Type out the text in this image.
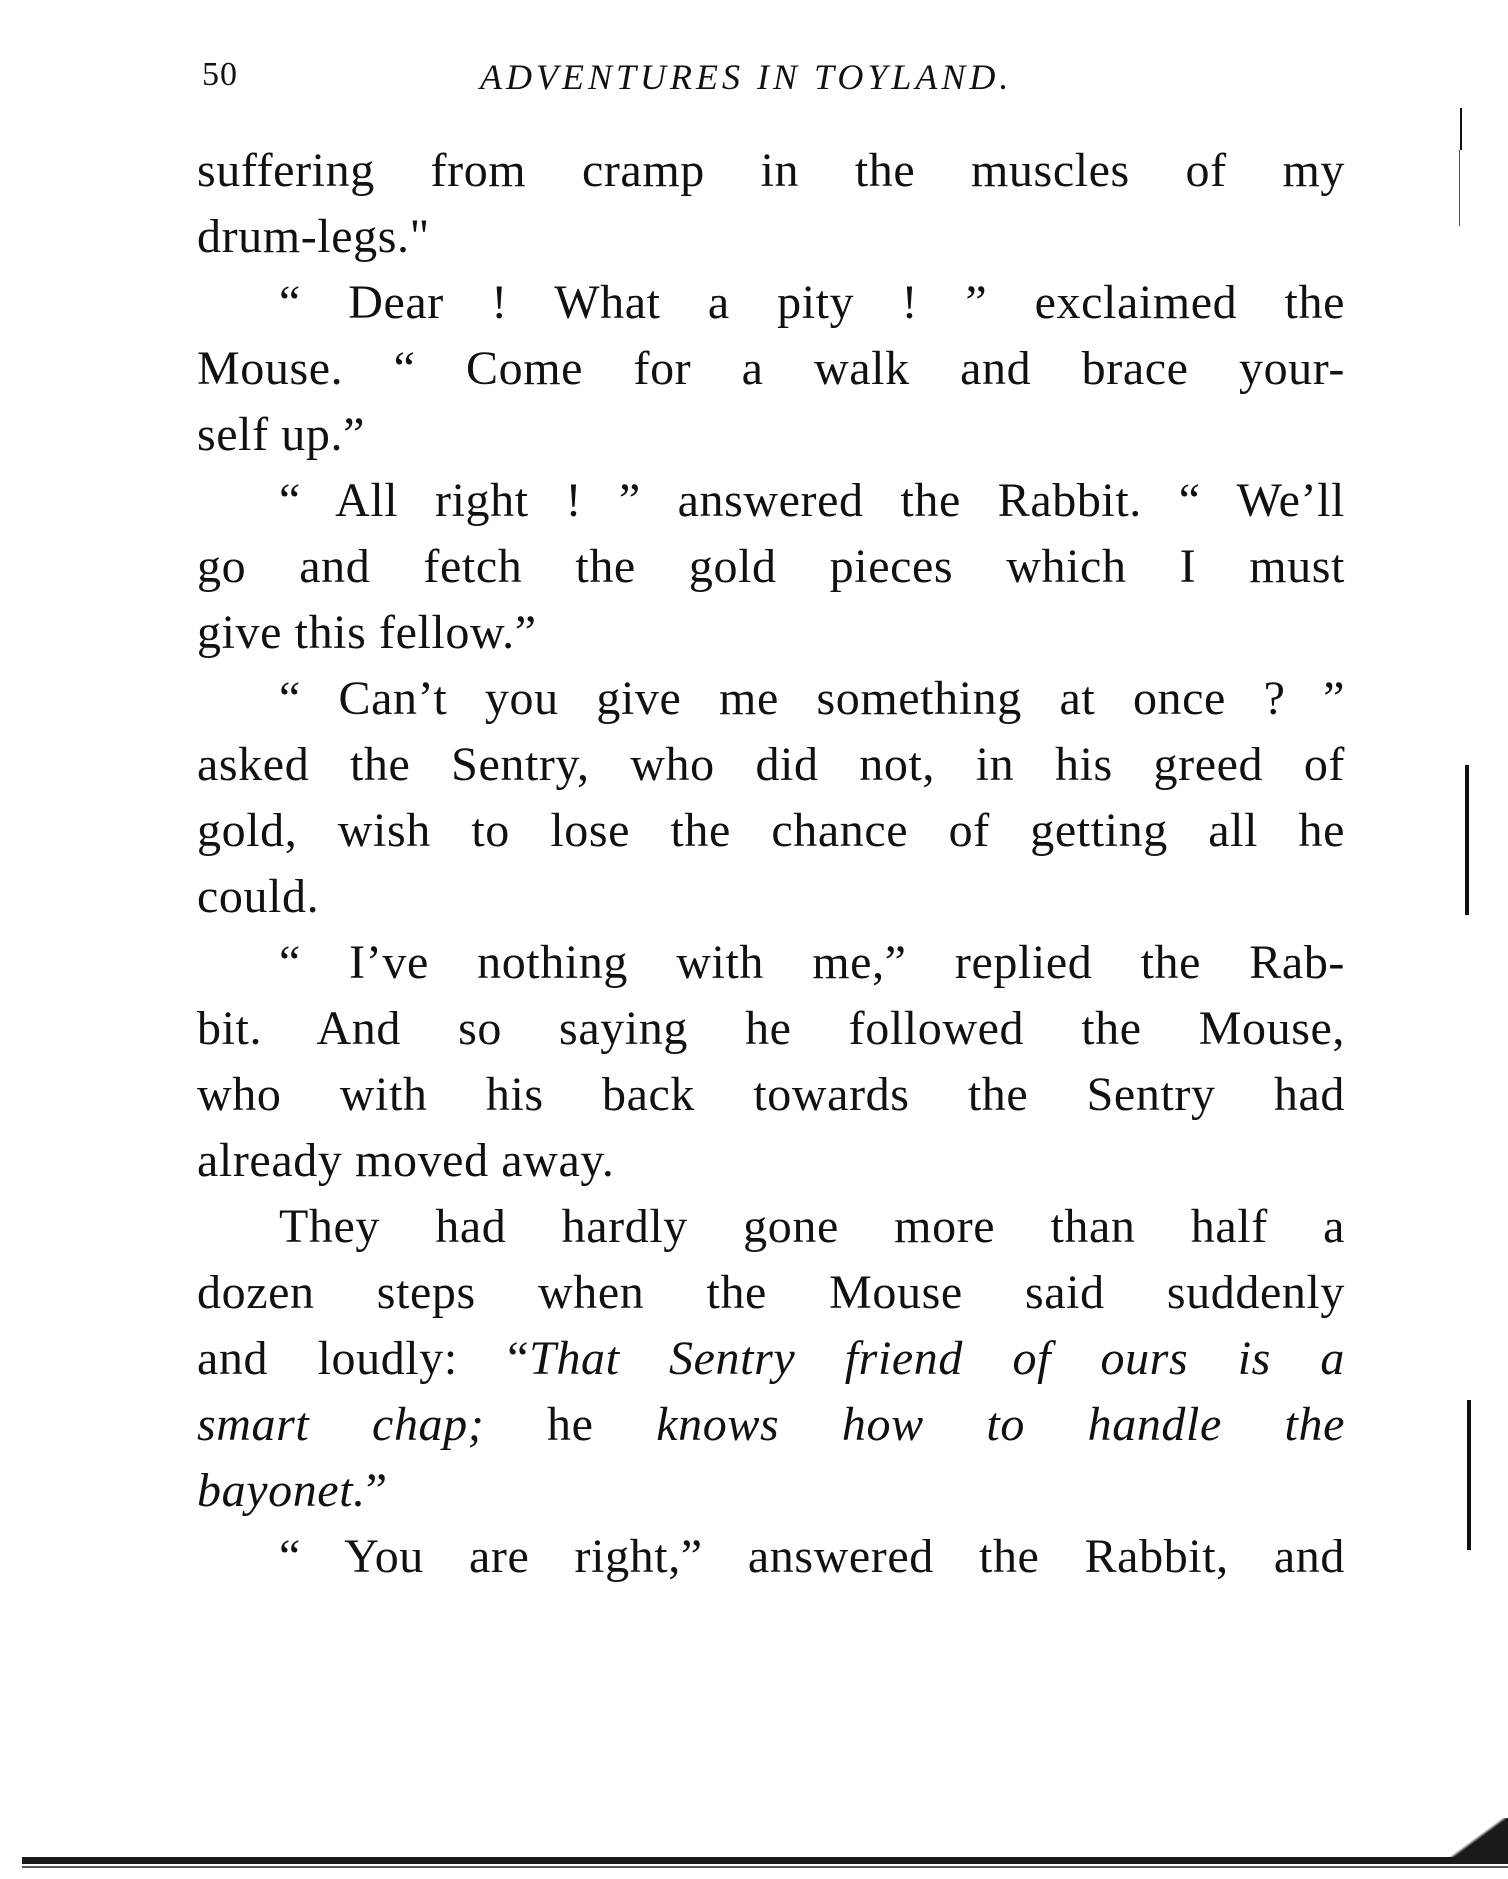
50	ADVENTURES IN TOYLAND.
suffering from cramp in the muscles of my
drum-legs."
“ Dear ! What a pity ! ” exclaimed the
Mouse. “ Come for a walk and brace your-
self up.”
“ All right ! ” answered the Rabbit. “ We’ll
go and fetch the gold pieces which I must
give this fellow.”
“ Can’t you give me something at once ? ”
asked the Sentry, who did not, in his greed of
gold, wish to lose the chance of getting all he
could.
“ I’ve nothing with me,” replied the Rab-
bit. And so saying he followed the Mouse,
who with his back towards the Sentry had
already moved away.
They had hardly gone more than half a
dozen steps when the Mouse said suddenly
and loudly: “That Sentry friend of ours is a
smart chap; he knows how to handle the
bayonet.”
“ You are right,” answered the Rabbit, and
